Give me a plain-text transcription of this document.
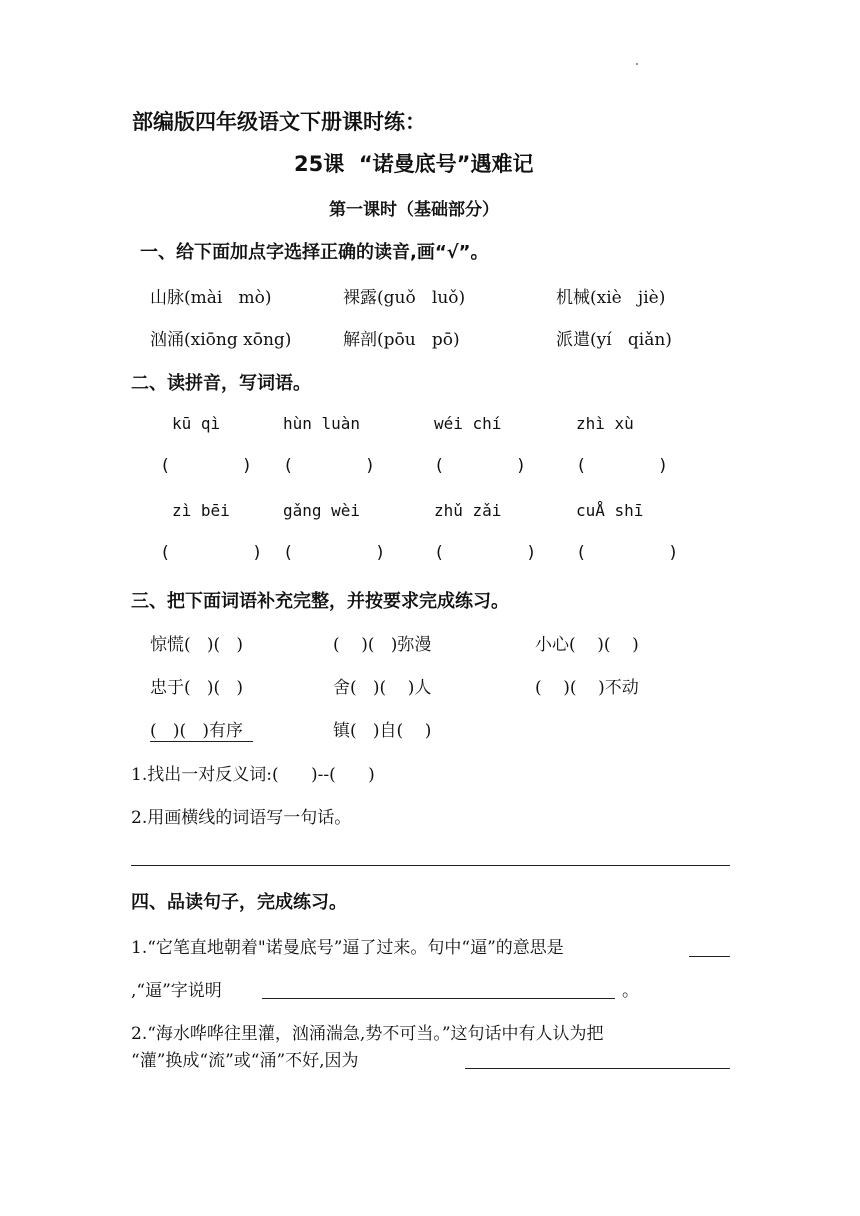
部编版四年级语文下册课时练：
25课  “诺曼底号”遇难记
第一课时（基础部分）
一、给下面加点字选择正确的读音,画“√”。
山脉(mài   mò)	裸露(guǒ   luǒ)	机械(xiè   jiè)
汹涌(xiōng xōng)	解剖(pōu   pō)	派遣(yí   qiǎn)
二、读拼音，写词语。
kū qì	hùn luàn	wéi chí	zhì xù
(       ) (       )	(       )	(       )
zì bēi	gǎng wèi	zhǔ zǎi	cuÅ shī
(        ) (        )	(        ) (        )
三、把下面词语补充完整，并按要求完成练习。
惊慌(   )(   )	(    )(   )弥漫	小心(    )(    )
忠于(   )(   )	舍(   )(    )人	(    )(    )不动
(   )(   )有序	镇(   )自(    )
1.找出一对反义词:(      )--(      )
2.用画横线的词语写一句话。
四、品读句子，完成练习。
1.“它笔直地朝着"诺曼底号”逼了过来。句中“逼”的意思是
,“逼”字说明	。
2.“海水哗哗往里灌，汹涌湍急,势不可当。”这句话中有人认为把
“灌”换成“流”或“涌”不好,因为
